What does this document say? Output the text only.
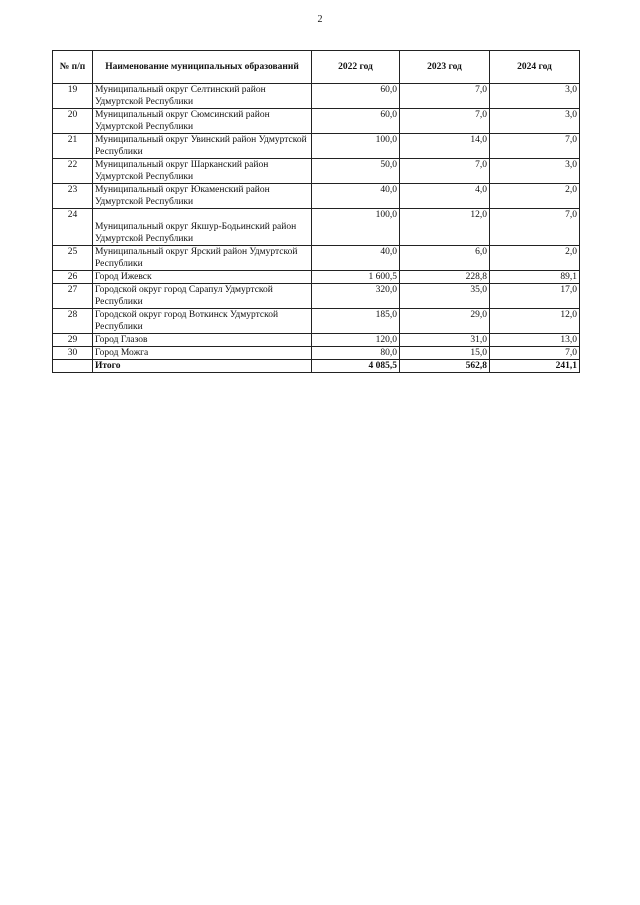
2
№ п/п	Наименование муниципальных образований	2022 год	2023 год	2024 год
19	Муниципальный округ Селтинский район Удмуртской Республики	60,0	7,0	3,0
20	Муниципальный округ Сюмсинский район Удмуртской Республики	60,0	7,0	3,0
21	Муниципальный округ Увинский район Удмуртской Республики	100,0	14,0	7,0
22	Муниципальный округ Шарканский район Удмуртской Республики	50,0	7,0	3,0
23	Муниципальный округ Юкаменский район Удмуртской Республики	40,0	4,0	2,0
24	Муниципальный округ Якшур-Бодьинский район Удмуртской Республики	100,0	12,0	7,0
25	Муниципальный округ Ярский район Удмуртской Республики	40,0	6,0	2,0
26	Город Ижевск	1 600,5	228,8	89,1
27	Городской округ город Сарапул Удмуртской Республики	320,0	35,0	17,0
28	Городской округ город Воткинск Удмуртской Республики	185,0	29,0	12,0
29	Город Глазов	120,0	31,0	13,0
30	Город Можга	80,0	15,0	7,0
	Итого	4 085,5	562,8	241,1
